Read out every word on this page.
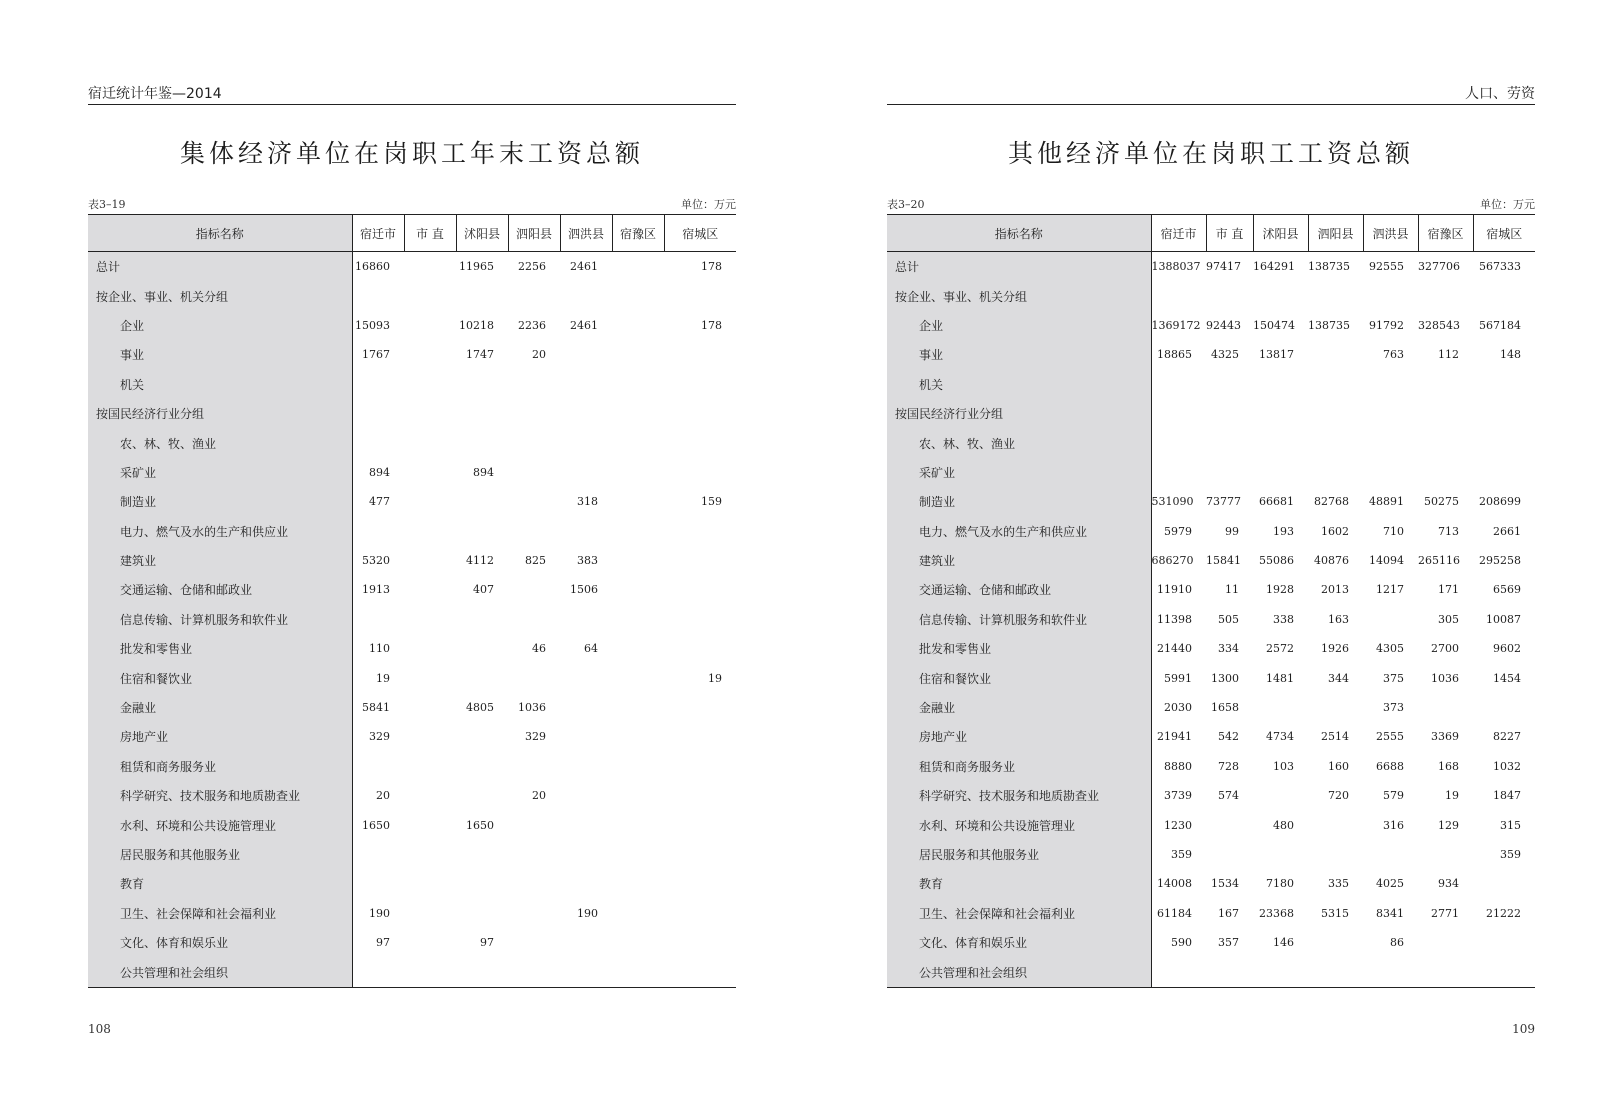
宿迁统计年鉴—2014
集体经济单位在岗职工年末工资总额
表3–19	单位：万元
指标名称	宿迁市	市 直	沭阳县	泗阳县	泗洪县	宿豫区	宿城区
总计	16860		11965	2256	2461		178
按企业、事业、机关分组							
企业	15093		10218	2236	2461		178
事业	1767		1747	20			
机关							
按国民经济行业分组							
农、林、牧、渔业							
采矿业	894		894				
制造业	477				318		159
电力、燃气及水的生产和供应业							
建筑业	5320		4112	825	383		
交通运输、仓储和邮政业	1913		407		1506		
信息传输、计算机服务和软件业							
批发和零售业	110			46	64		
住宿和餐饮业	19						19
金融业	5841		4805	1036			
房地产业	329			329			
租赁和商务服务业							
科学研究、技术服务和地质勘查业	20			20			
水利、环境和公共设施管理业	1650		1650				
居民服务和其他服务业							
教育							
卫生、社会保障和社会福利业	190				190		
文化、体育和娱乐业	97		97				
公共管理和社会组织							
108
人口、劳资
其他经济单位在岗职工工资总额
表3–20	单位：万元
指标名称	宿迁市	市 直	沭阳县	泗阳县	泗洪县	宿豫区	宿城区
总计	1388037	97417	164291	138735	92555	327706	567333
按企业、事业、机关分组							
企业	1369172	92443	150474	138735	91792	328543	567184
事业	18865	4325	13817		763	112	148
机关							
按国民经济行业分组							
农、林、牧、渔业							
采矿业							
制造业	531090	73777	66681	82768	48891	50275	208699
电力、燃气及水的生产和供应业	5979	99	193	1602	710	713	2661
建筑业	686270	15841	55086	40876	14094	265116	295258
交通运输、仓储和邮政业	11910	11	1928	2013	1217	171	6569
信息传输、计算机服务和软件业	11398	505	338	163		305	10087
批发和零售业	21440	334	2572	1926	4305	2700	9602
住宿和餐饮业	5991	1300	1481	344	375	1036	1454
金融业	2030	1658			373		
房地产业	21941	542	4734	2514	2555	3369	8227
租赁和商务服务业	8880	728	103	160	6688	168	1032
科学研究、技术服务和地质勘查业	3739	574		720	579	19	1847
水利、环境和公共设施管理业	1230		480		316	129	315
居民服务和其他服务业	359						359
教育	14008	1534	7180	335	4025	934	
卫生、社会保障和社会福利业	61184	167	23368	5315	8341	2771	21222
文化、体育和娱乐业	590	357	146		86		
公共管理和社会组织							
109
